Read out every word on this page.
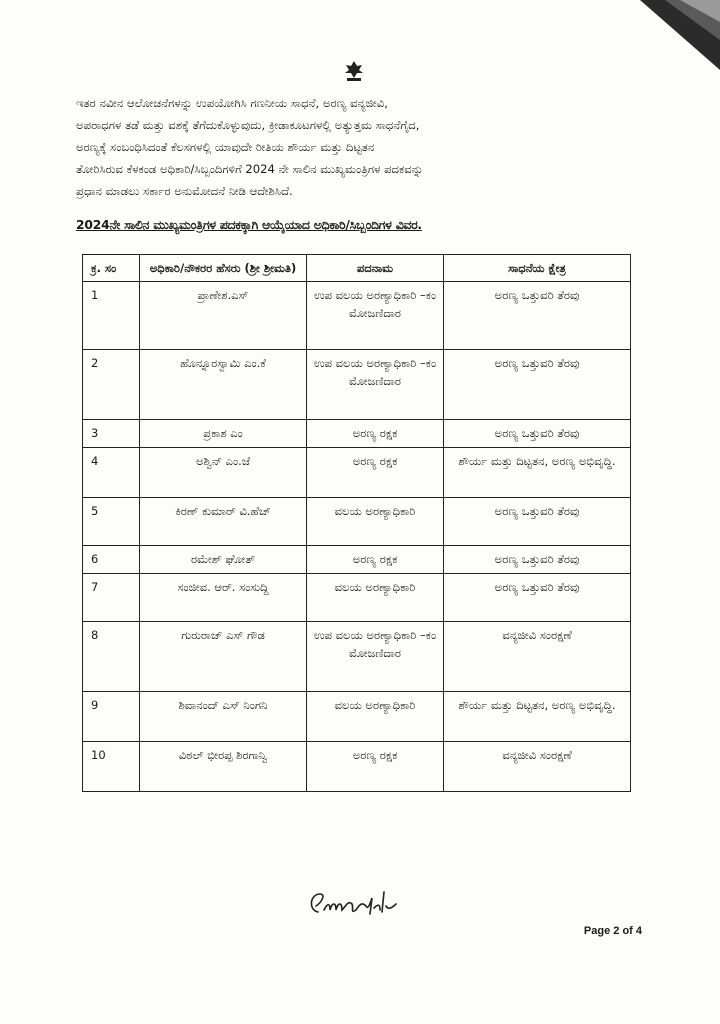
ಇತರ ನವೀನ ಆಲೋಚನೆಗಳನ್ನು ಉಪಯೋಗಿಸಿ ಗಣನೀಯ ಸಾಧನೆ, ಅರಣ್ಯ ವನ್ಯಜೀವಿ,
ಅಪರಾಧಗಳ ತಡೆ ಮತ್ತು ವಶಕ್ಕೆ ತೆಗೆದುಕೊಳ್ಳುವುದು, ಕ್ರೀಡಾಕೂಟಗಳಲ್ಲಿ ಅತ್ಯುತ್ತಮ ಸಾಧನೆಗೈದ,
ಅರಣ್ಯಕ್ಕೆ ಸಂಬಂಧಿಸಿದಂತೆ ಕೆಲಸಗಳಲ್ಲಿ ಯಾವುದೇ ರೀತಿಯ ಶೌರ್ಯ ಮತ್ತು ದಿಟ್ಟತನ
ತೋರಿಸಿರುವ ಕೆಳಕಂಡ ಅಧಿಕಾರಿ/ಸಿಬ್ಬಂದಿಗಳಿಗೆ 2024 ನೇ ಸಾಲಿನ ಮುಖ್ಯಮಂತ್ರಿಗಳ ಪದಕವನ್ನು
ಪ್ರಧಾನ ಮಾಡಲು ಸರ್ಕಾರ ಅನುಮೋದನೆ ನೀಡಿ ಆದೇಶಿಸಿದೆ.
2024ನೇ ಸಾಲಿನ ಮುಖ್ಯಮಂತ್ರಿಗಳ ಪದಕಕ್ಕಾಗಿ ಆಯ್ಕೆಯಾದ ಅಧಿಕಾರಿ/ಸಿಬ್ಬಂದಿಗಳ ವಿವರ.
ಕ್ರ. ಸಂ	ಅಧಿಕಾರಿ/ನೌಕರರ ಹೆಸರು (ಶ್ರೀ ಶ್ರೀಮತಿ)	ಪದನಾಮ	ಸಾಧನೆಯ ಕ್ಷೇತ್ರ
1	ಪ್ರಾಣೇಶ.ಎಸ್	ಉಪ ವಲಯ ಅರಣ್ಯಾಧಿಕಾರಿ –ಕಂ ಮೋಜಣಿದಾರ	ಅರಣ್ಯ ಒತ್ತುವರಿ ತೆರವು
2	ಹೊನ್ನೂರಸ್ವಾಮಿ ಎಂ.ಕೆ	ಉಪ ವಲಯ ಅರಣ್ಯಾಧಿಕಾರಿ –ಕಂ ಮೋಜಣಿದಾರ	ಅರಣ್ಯ ಒತ್ತುವರಿ ತೆರವು
3	ಪ್ರಕಾಶ ಎಂ	ಅರಣ್ಯ ರಕ್ಷಕ	ಅರಣ್ಯ ಒತ್ತುವರಿ ತೆರವು
4	ಅಶ್ವಿನ್ ಎಂ.ಜೆ	ಅರಣ್ಯ ರಕ್ಷಕ	ಶೌರ್ಯ ಮತ್ತು ದಿಟ್ಟತನ, ಅರಣ್ಯ ಅಭಿವೃದ್ಧಿ.
5	ಕಿರಣ್ ಕುಮಾರ್ ವಿ.ಹೆಚ್	ವಲಯ ಅರಣ್ಯಾಧಿಕಾರಿ	ಅರಣ್ಯ ಒತ್ತುವರಿ ತೆರವು
6	ರಮೇಶ್ ಘೋತ್	ಅರಣ್ಯ ರಕ್ಷಕ	ಅರಣ್ಯ ಒತ್ತುವರಿ ತೆರವು
7	ಸಂಜೀವ. ಆರ್. ಸಂಸುದ್ದಿ	ವಲಯ ಅರಣ್ಯಾಧಿಕಾರಿ	ಅರಣ್ಯ ಒತ್ತುವರಿ ತೆರವು
8	ಗುರುರಾಜ್ ಎಸ್ ಗೌಡ	ಉಪ ವಲಯ ಅರಣ್ಯಾಧಿಕಾರಿ –ಕಂ ಮೋಜಣಿದಾರ	ವನ್ಯಜೀವಿ ಸಂರಕ್ಷಣೆ
9	ಶಿವಾನಂದ್ ಎಸ್ ನಿಂಗನಿ	ವಲಯ ಅರಣ್ಯಾಧಿಕಾರಿ	ಶೌರ್ಯ ಮತ್ತು ದಿಟ್ಟತನ, ಅರಣ್ಯ ಅಭಿವೃದ್ಧಿ.
10	ವಿಠಲ್ ಭೀರಪ್ಪ ಶಿರಗಾನ್ವಿ	ಅರಣ್ಯ ರಕ್ಷಕ	ವನ್ಯಜೀವಿ ಸಂರಕ್ಷಣೆ
Page 2 of 4
